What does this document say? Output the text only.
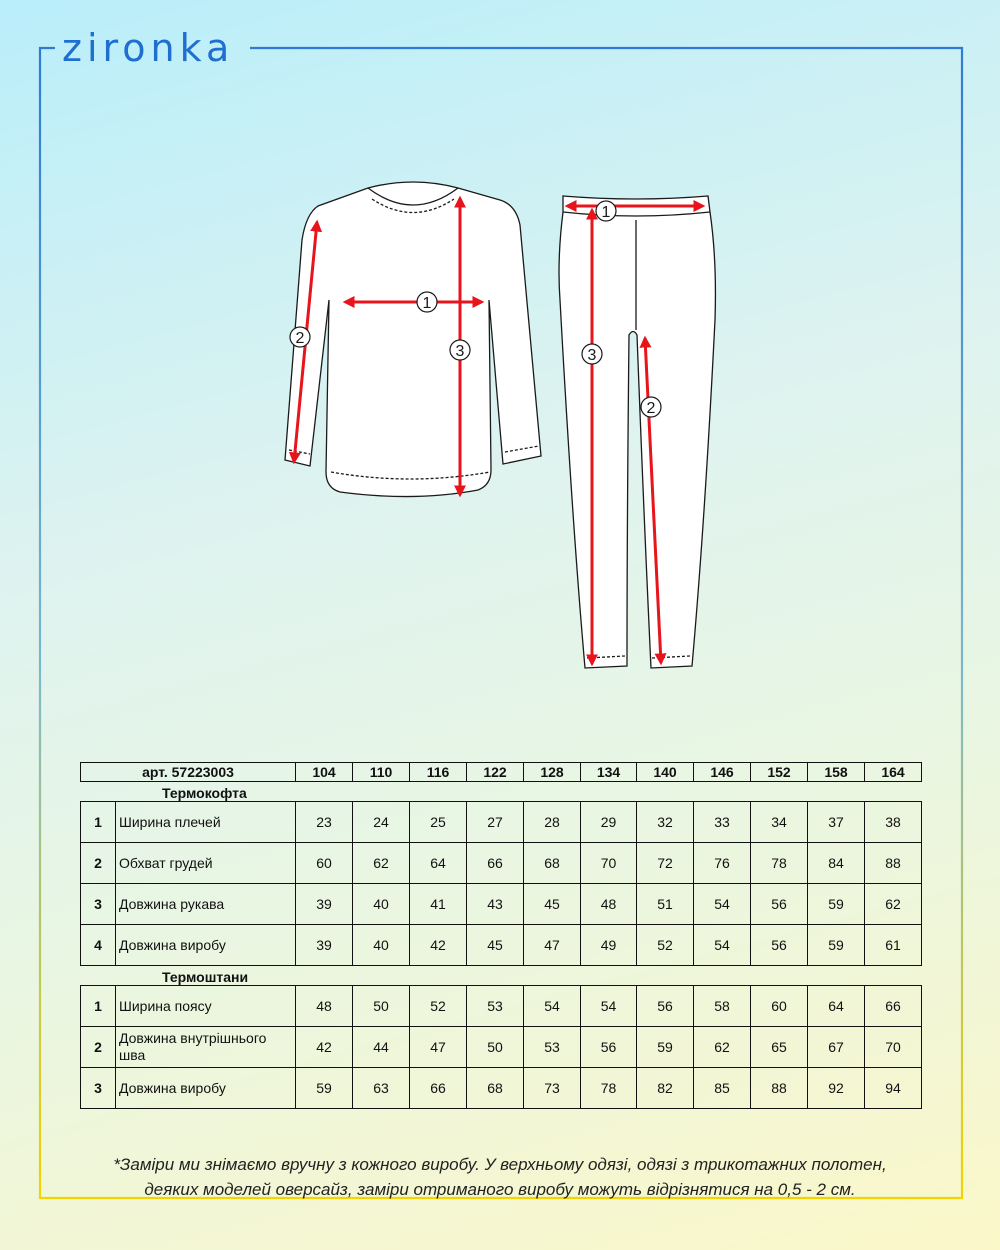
zironka
1
2
3
1
2
3
арт. 57223003	104	110	116	122	128	134	140	146	152	158	164
Термокофта
1	Ширина плечей	23	24	25	27	28	29	32	33	34	37	38
2	Обхват грудей	60	62	64	66	68	70	72	76	78	84	88
3	Довжина рукава	39	40	41	43	45	48	51	54	56	59	62
4	Довжина виробу	39	40	42	45	47	49	52	54	56	59	61
Термоштани
1	Ширина поясу	48	50	52	53	54	54	56	58	60	64	66
2	Довжина внутрішнього шва	42	44	47	50	53	56	59	62	65	67	70
3	Довжина виробу	59	63	66	68	73	78	82	85	88	92	94
*Заміри ми знімаємо вручну з кожного виробу. У верхньому одязі, одязі з трикотажних полотен,
деяких моделей оверсайз, заміри отриманого виробу можуть відрізнятися на 0,5 - 2 см.
